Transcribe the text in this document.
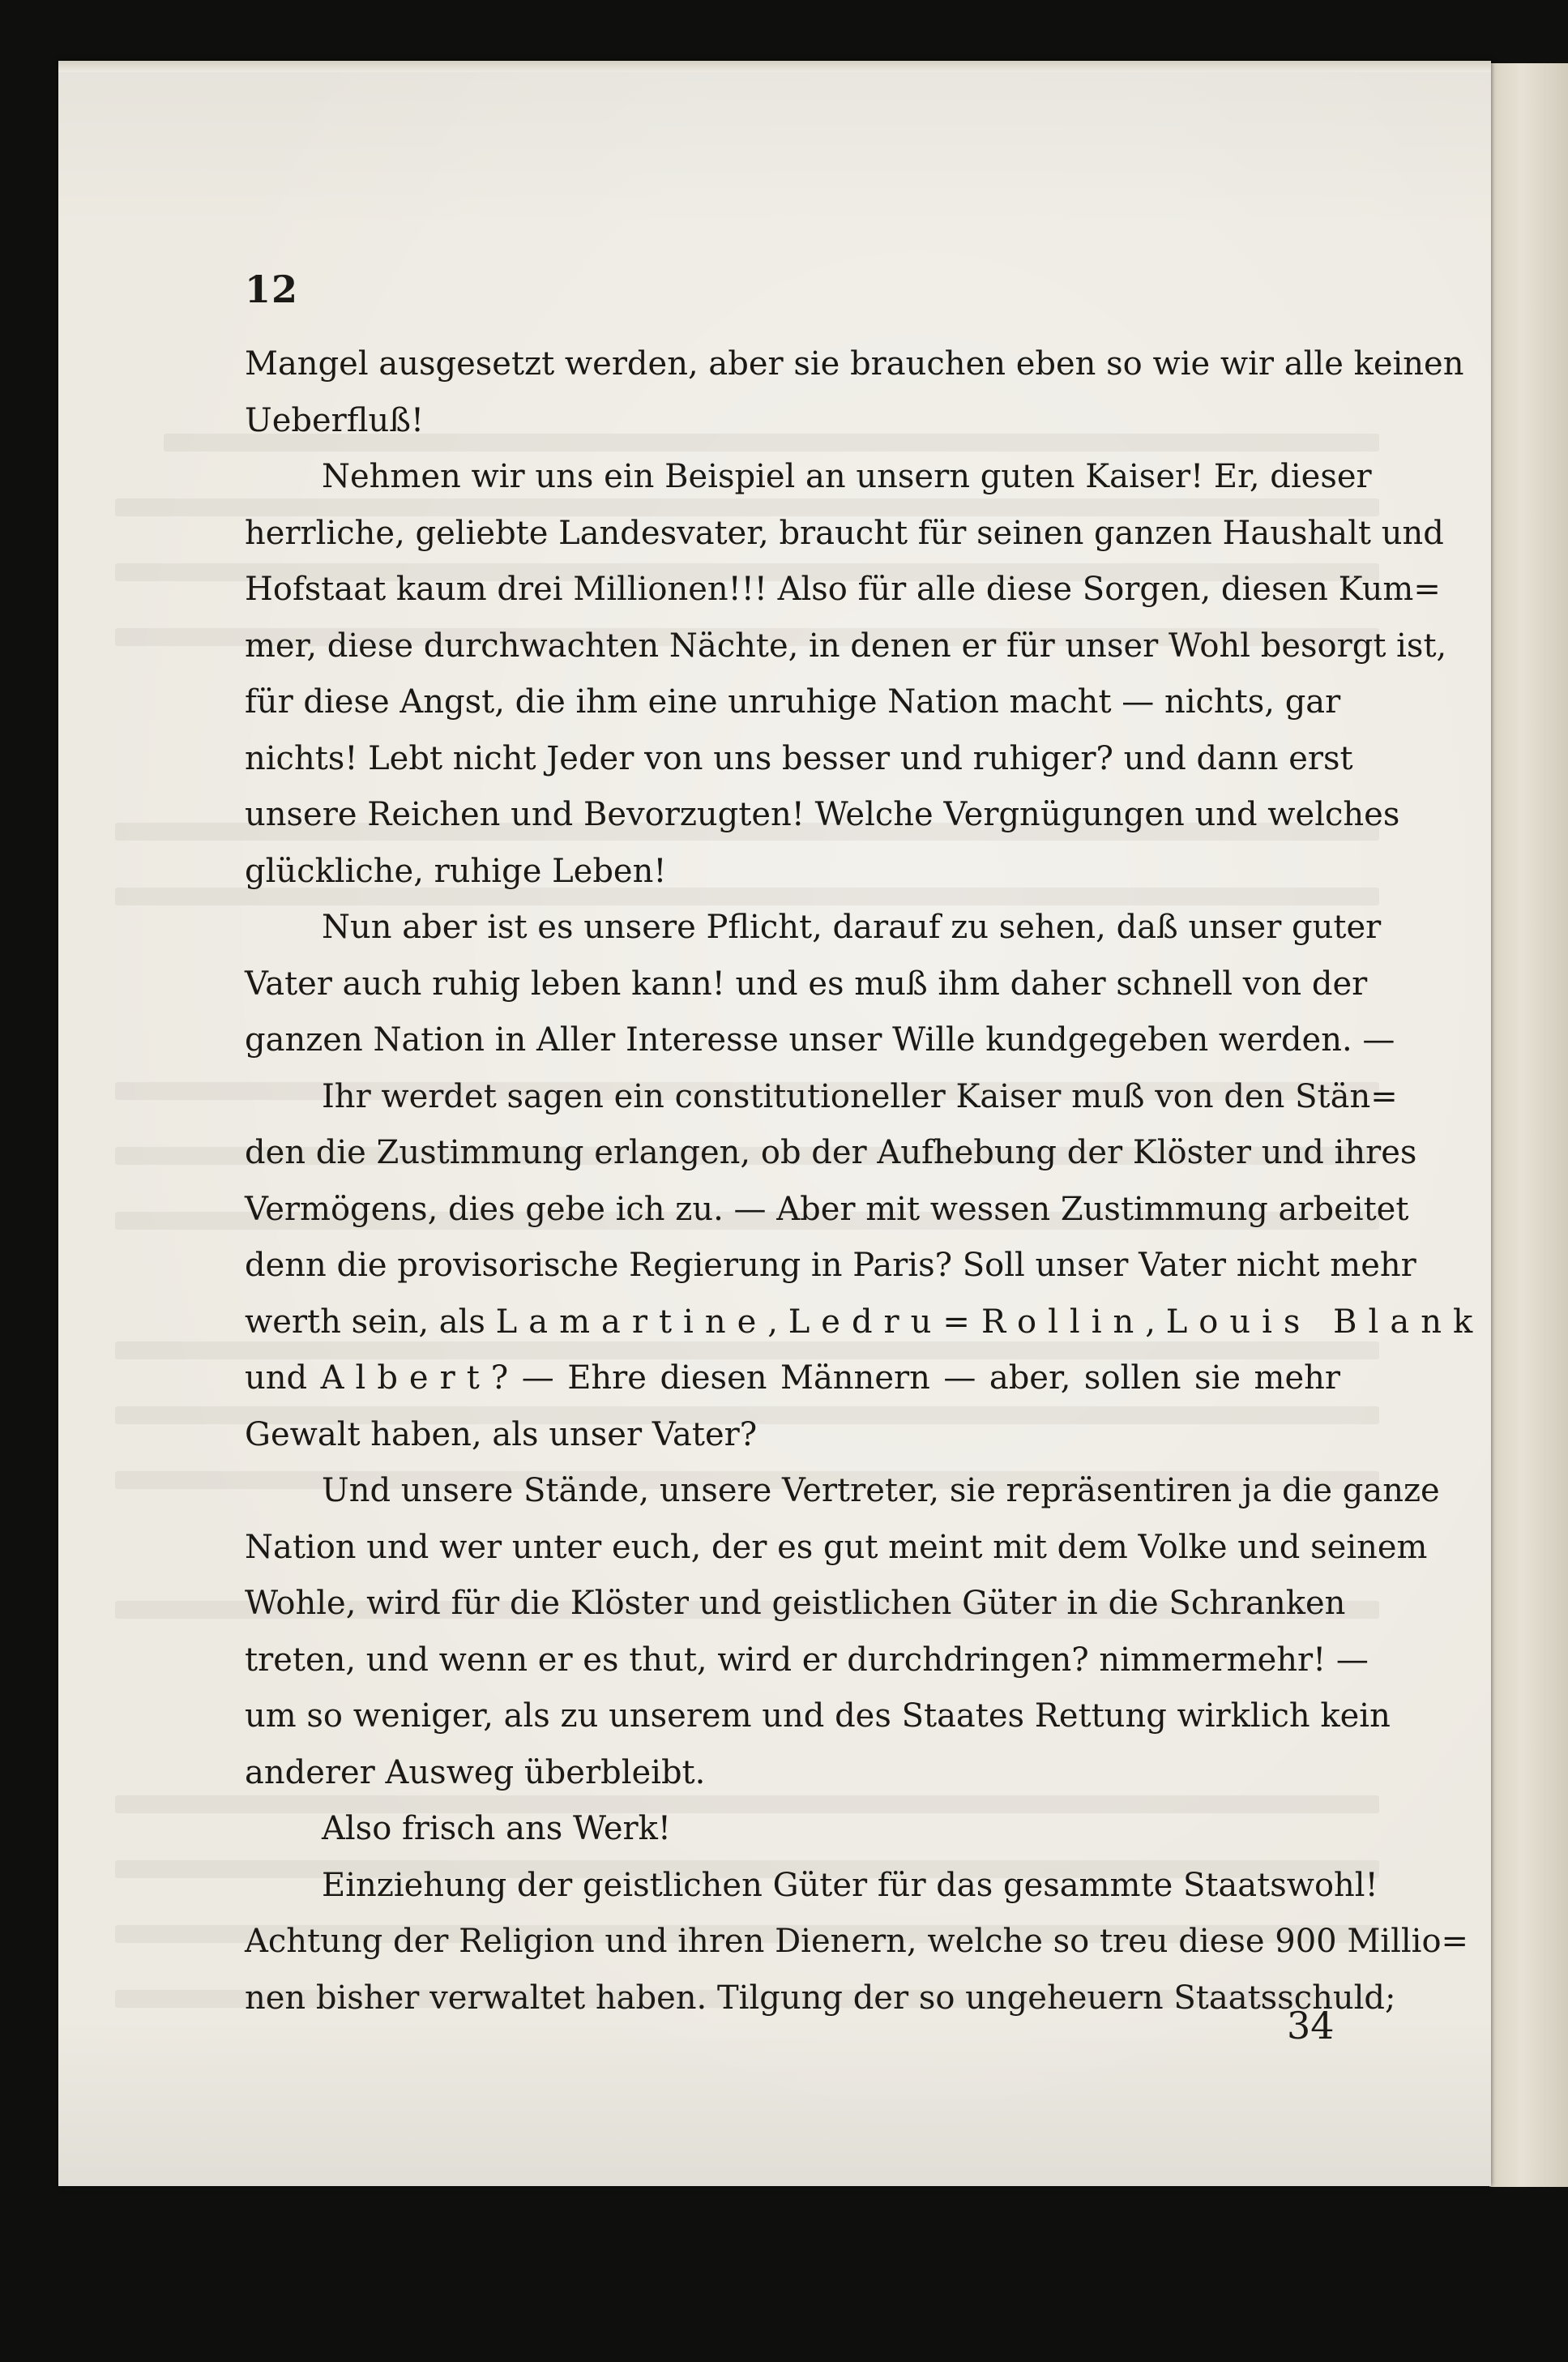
12
Mangel ausgesetzt werden, aber sie brauchen eben so wie wir alle keinen
Ueberfluß!
Nehmen wir uns ein Beispiel an unsern guten Kaiser! Er, dieser
herrliche, geliebte Landesvater, braucht für seinen ganzen Haushalt und
Hofstaat kaum drei Millionen!!! Also für alle diese Sorgen, diesen Kum=
mer, diese durchwachten Nächte, in denen er für unser Wohl besorgt ist,
für diese Angst, die ihm eine unruhige Nation macht — nichts, gar
nichts! Lebt nicht Jeder von uns besser und ruhiger? und dann erst
unsere Reichen und Bevorzugten! Welche Vergnügungen und welches
glückliche, ruhige Leben!
Nun aber ist es unsere Pflicht, darauf zu sehen, daß unser guter
Vater auch ruhig leben kann! und es muß ihm daher schnell von der
ganzen Nation in Aller Interesse unser Wille kundgegeben werden. —
Ihr werdet sagen ein constitutioneller Kaiser muß von den Stän=
den die Zustimmung erlangen, ob der Aufhebung der Klöster und ihres
Vermögens, dies gebe ich zu. — Aber mit wessen Zustimmung arbeitet
denn die provisorische Regierung in Paris? Soll unser Vater nicht mehr
werth sein, als Lamartine, Ledru=Rollin, Louis Blank
und Albert? — Ehre diesen Männern — aber, sollen sie mehr
Gewalt haben, als unser Vater?
Und unsere Stände, unsere Vertreter, sie repräsentiren ja die ganze
Nation und wer unter euch, der es gut meint mit dem Volke und seinem
Wohle, wird für die Klöster und geistlichen Güter in die Schranken
treten, und wenn er es thut, wird er durchdringen? nimmermehr! —
um so weniger, als zu unserem und des Staates Rettung wirklich kein
anderer Ausweg überbleibt.
Also frisch ans Werk!
Einziehung der geistlichen Güter für das gesammte Staatswohl!
Achtung der Religion und ihren Dienern, welche so treu diese 900 Millio=
nen bisher verwaltet haben. Tilgung der so ungeheuern Staatsschuld;
34
